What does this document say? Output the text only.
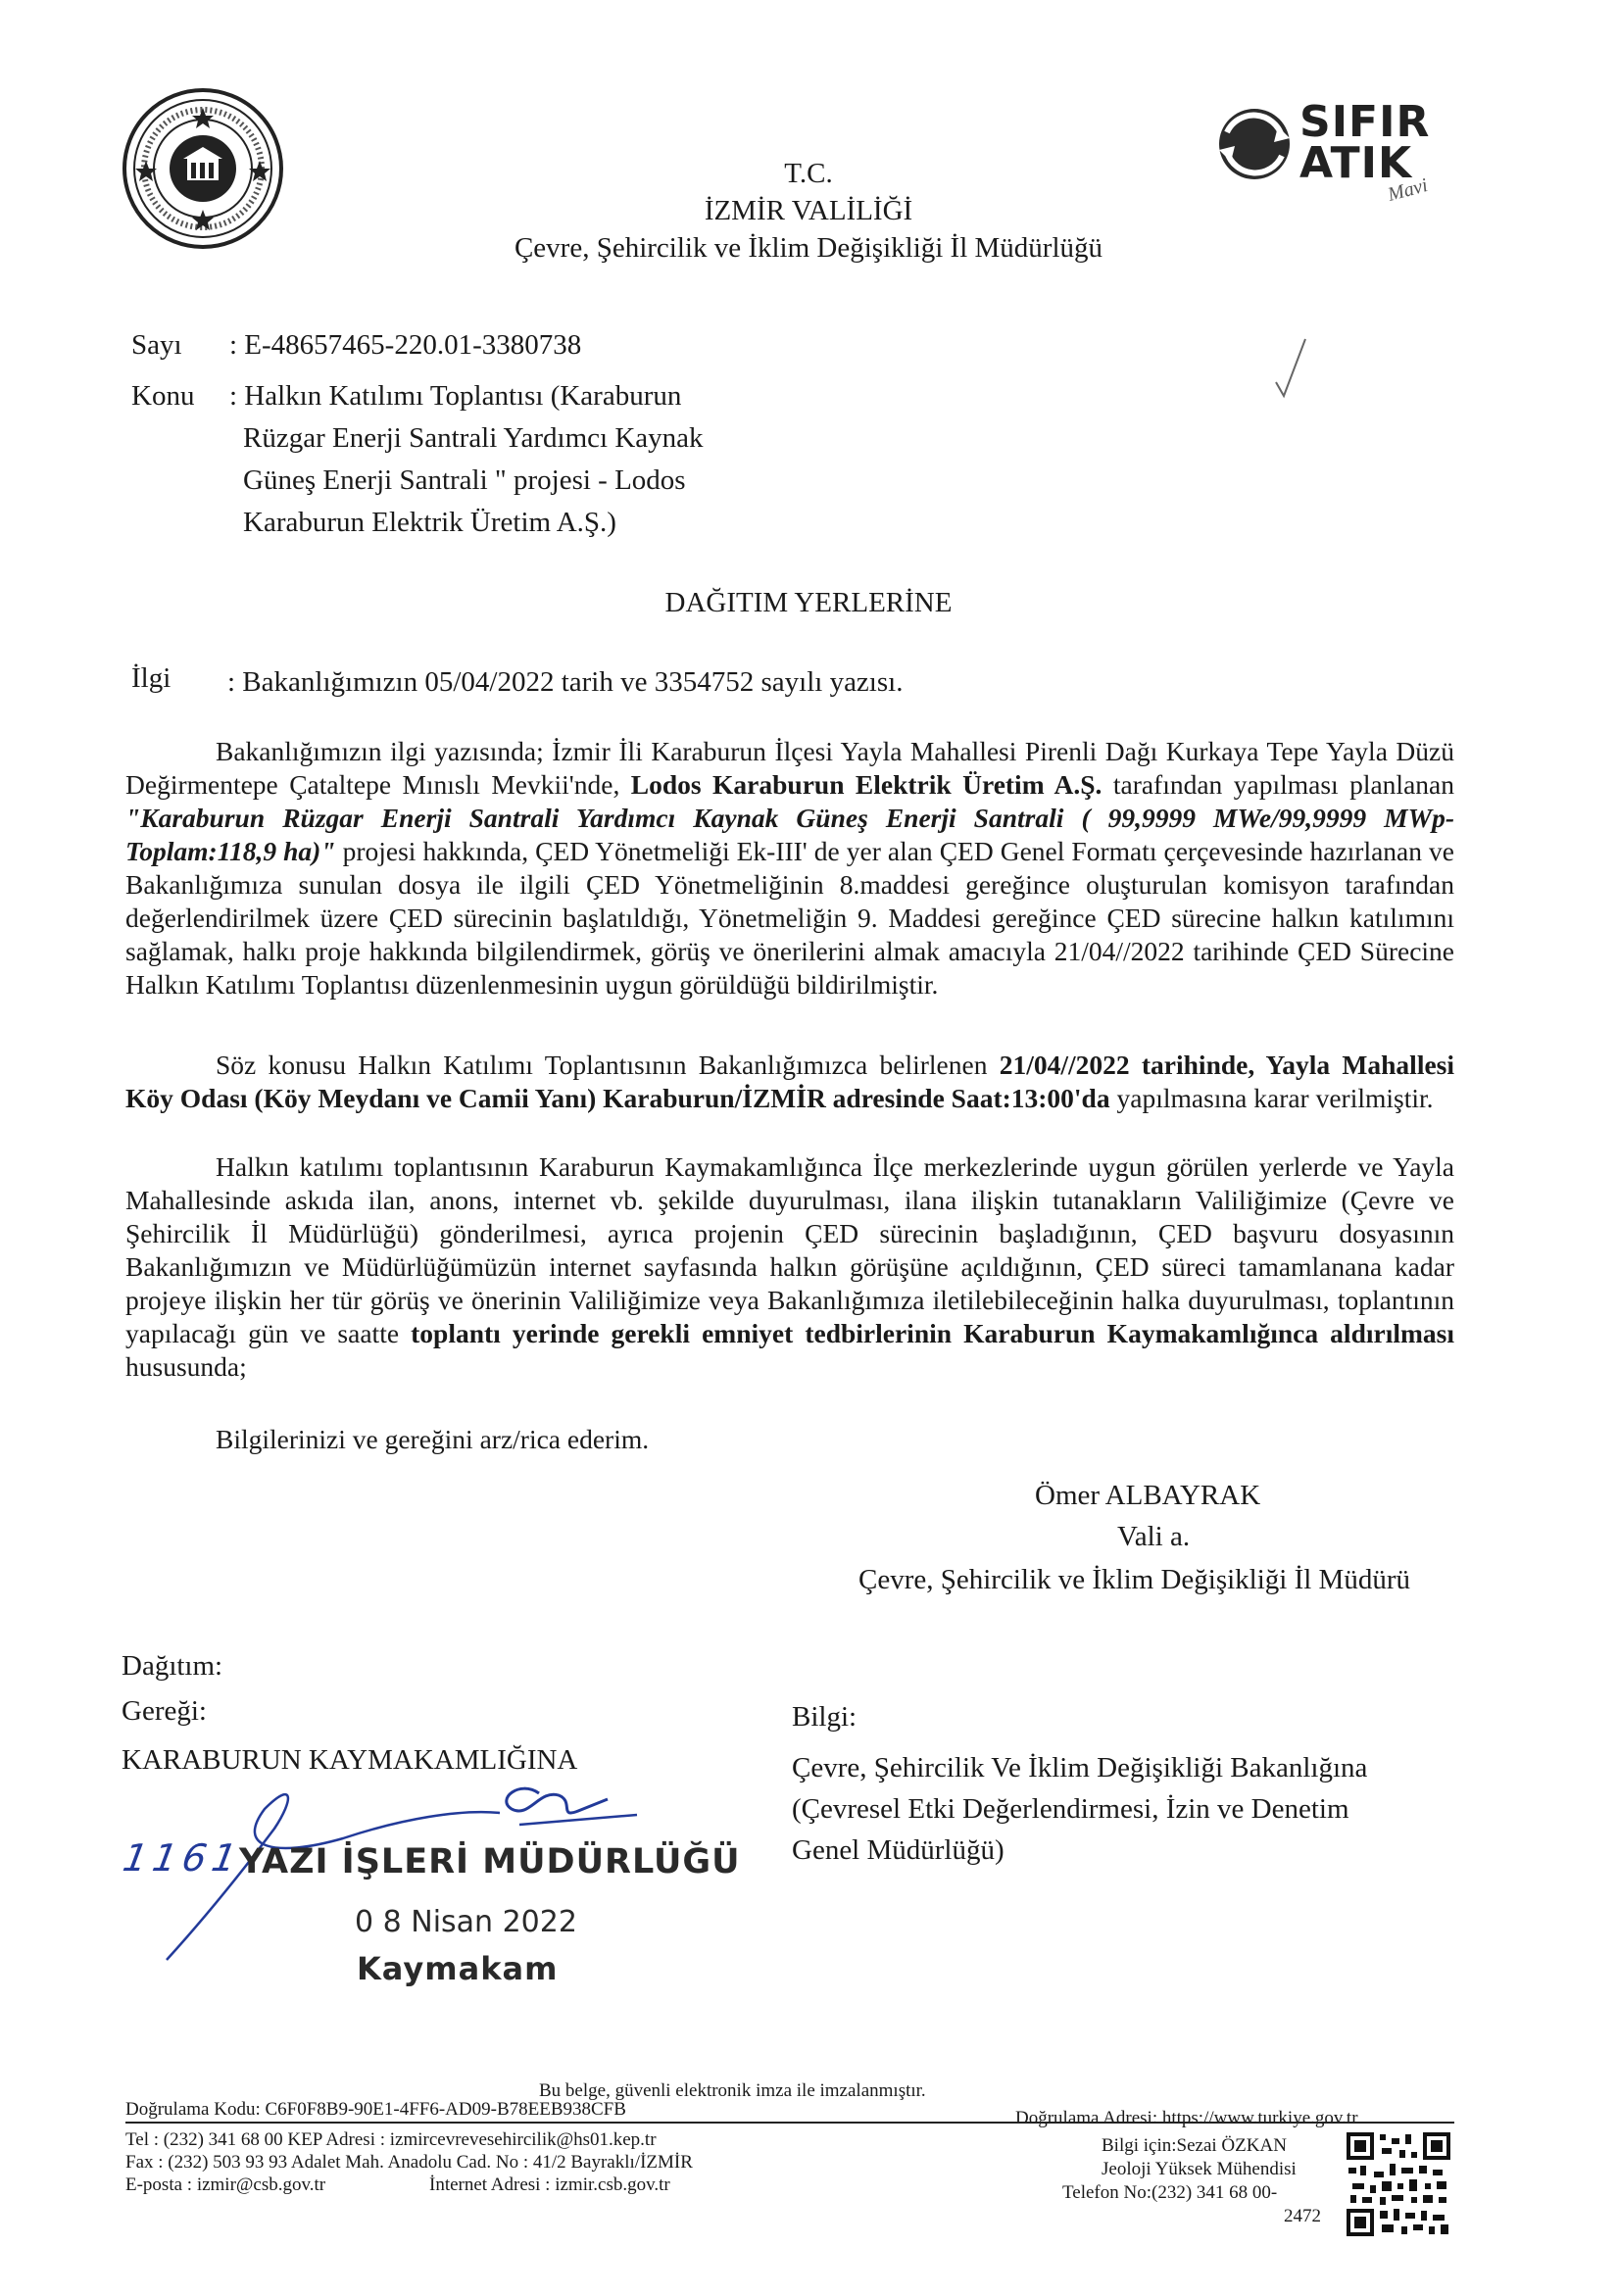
SIFIR
ATIK
Mavi
T.C.
İZMİR VALİLİĞİ
Çevre, Şehircilik ve İklim Değişikliği İl Müdürlüğü
Sayı : E-48657465-220.01-3380738
Konu : Halkın Katılımı Toplantısı (Karaburun
Rüzgar Enerji Santrali Yardımcı Kaynak
Güneş Enerji Santrali " projesi - Lodos
Karaburun Elektrik Üretim A.Ş.)
DAĞITIM YERLERİNE
İlgi : Bakanlığımızın 05/04/2022 tarih ve 3354752 sayılı yazısı.
Bakanlığımızın ilgi yazısında; İzmir İli Karaburun İlçesi Yayla Mahallesi Pirenli Dağı Kurkaya Tepe Yayla Düzü Değirmentepe Çataltepe Mınıslı Mevkii'nde, Lodos Karaburun Elektrik Üretim A.Ş. tarafından yapılması planlanan "Karaburun Rüzgar Enerji Santrali Yardımcı Kaynak Güneş Enerji Santrali ( 99,9999 MWe/99,9999 MWp- Toplam:118,9 ha)" projesi hakkında, ÇED Yönetmeliği Ek-III' de yer alan ÇED Genel Formatı çerçevesinde hazırlanan ve Bakanlığımıza sunulan dosya ile ilgili ÇED Yönetmeliğinin 8.maddesi gereğince oluşturulan komisyon tarafından değerlendirilmek üzere ÇED sürecinin başlatıldığı, Yönetmeliğin 9. Maddesi gereğince ÇED sürecine halkın katılımını sağlamak, halkı proje hakkında bilgilendirmek, görüş ve önerilerini almak amacıyla 21/04//2022 tarihinde ÇED Sürecine Halkın Katılımı Toplantısı düzenlenmesinin uygun görüldüğü bildirilmiştir.
Söz konusu Halkın Katılımı Toplantısının Bakanlığımızca belirlenen 21/04//2022 tarihinde, Yayla Mahallesi Köy Odası (Köy Meydanı ve Camii Yanı) Karaburun/İZMİR adresinde Saat:13:00'da yapılmasına karar verilmiştir.
Halkın katılımı toplantısının Karaburun Kaymakamlığınca İlçe merkezlerinde uygun görülen yerlerde ve Yayla Mahallesinde askıda ilan, anons, internet vb. şekilde duyurulması, ilana ilişkin tutanakların Valiliğimize (Çevre ve Şehircilik İl Müdürlüğü) gönderilmesi, ayrıca projenin ÇED sürecinin başladığının, ÇED başvuru dosyasının Bakanlığımızın ve Müdürlüğümüzün internet sayfasında halkın görüşüne açıldığının, ÇED süreci tamamlanana kadar projeye ilişkin her tür görüş ve önerinin Valiliğimize veya Bakanlığımıza iletilebileceğinin halka duyurulması, toplantının yapılacağı gün ve saatte toplantı yerinde gerekli emniyet tedbirlerinin Karaburun Kaymakamlığınca aldırılması hususunda;
Bilgilerinizi ve gereğini arz/rica ederim.
Ömer ALBAYRAK
Vali a.
Çevre, Şehircilik ve İklim Değişikliği İl Müdürü
Dağıtım:
Gereği:
KARABURUN KAYMAKAMLIĞINA
Bilgi:
Çevre, Şehircilik Ve İklim Değişikliği Bakanlığına
(Çevresel Etki Değerlendirmesi, İzin ve Denetim
Genel Müdürlüğü)
1161
YAZI İŞLERİ MÜDÜRLÜĞÜ
0 8 Nisan 2022
Kaymakam
Bu belge, güvenli elektronik imza ile imzalanmıştır.
Doğrulama Kodu: C6F0F8B9-90E1-4FF6-AD09-B78EEB938CFB	Doğrulama Adresi: https://www.turkiye.gov.tr
Tel : (232) 341 68 00 KEP Adresi : izmircevrevesehircilik@hs01.kep.tr
Fax : (232) 503 93 93 Adalet Mah. Anadolu Cad. No : 41/2 Bayraklı/İZMİR
E-posta : izmir@csb.gov.tr	İnternet Adresi : izmir.csb.gov.tr
Bilgi için:Sezai ÖZKAN
Jeoloji Yüksek Mühendisi
Telefon No:(232) 341 68 00-
2472
